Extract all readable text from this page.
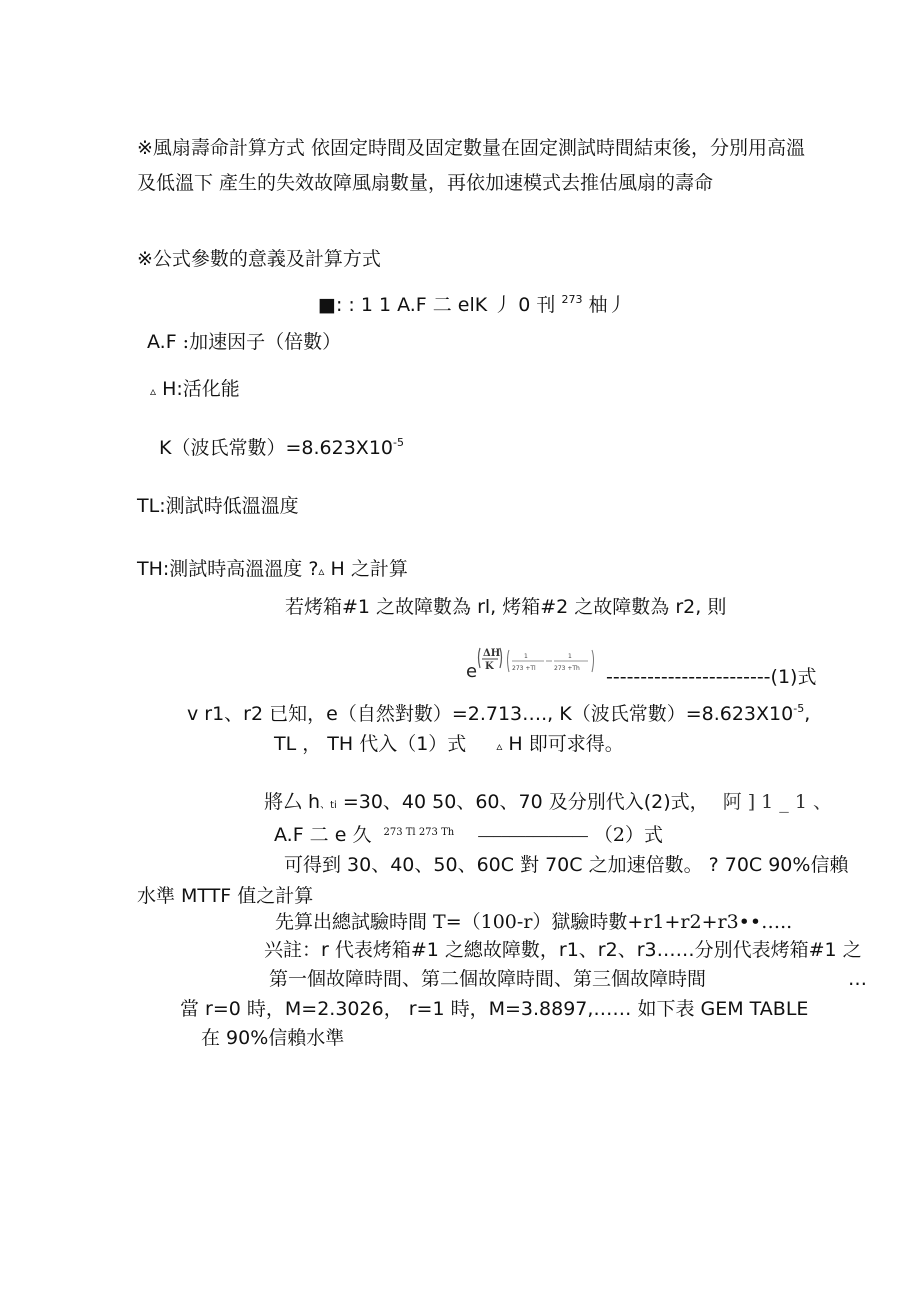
※風扇壽命計算方式 依固定時間及固定數量在固定測試時間結束後，分別用高溫
及低溫下 產生的失效故障風扇數量，再依加速模式去推估風扇的壽命
※公式參數的意義及計算方式
■: : 1 1 A.F 二 elK 丿 0 刊 $^{273}$ 柚丿
A.F :加速因子（倍數）
▵ H:活化能
K（波氏常數）$=8.623X10^{-5}$
TL:測試時低溫溫度
TH:測試時高溫溫度 ?▵ H 之計算
若烤箱#1 之故障數為 rl, 烤箱#2 之故障數為 r2, 則
e
ΔH
K
1
273 +Tl
1
273 +Th ------------------------(1)式
v r1、r2 已知，e（自然對數）=2.713…., K（波氏常數）$=8.623X10^{-5}$,
TL ， TH 代入（1）式	▵ H 即可求得。
將厶 h、ti =30、40 50、60、70 及分別代入(2)式， 阿 ] 1 _ 1 、
A.F 二 e 久 $^{273 Tl 273 Th}$ ────────────── （2）式
可得到 30、40、50、60C 對 70C 之加速倍數。 ? 70C 90%信賴
水準 MTTF 值之計算
先算出總試驗時間 T=（100-r）獄驗時數+r1+r2+r3••…..
兴註：r 代表烤箱#1 之總故障數，r1、r2、r3……分別代表烤箱#1 之
第一個故障時間、第二個故障時間、第三個故障時間	…
當 r=0 時，M=2.3026， r=1 時，M=3.8897,…… 如下表 GEM TABLE
在 90%信賴水準
